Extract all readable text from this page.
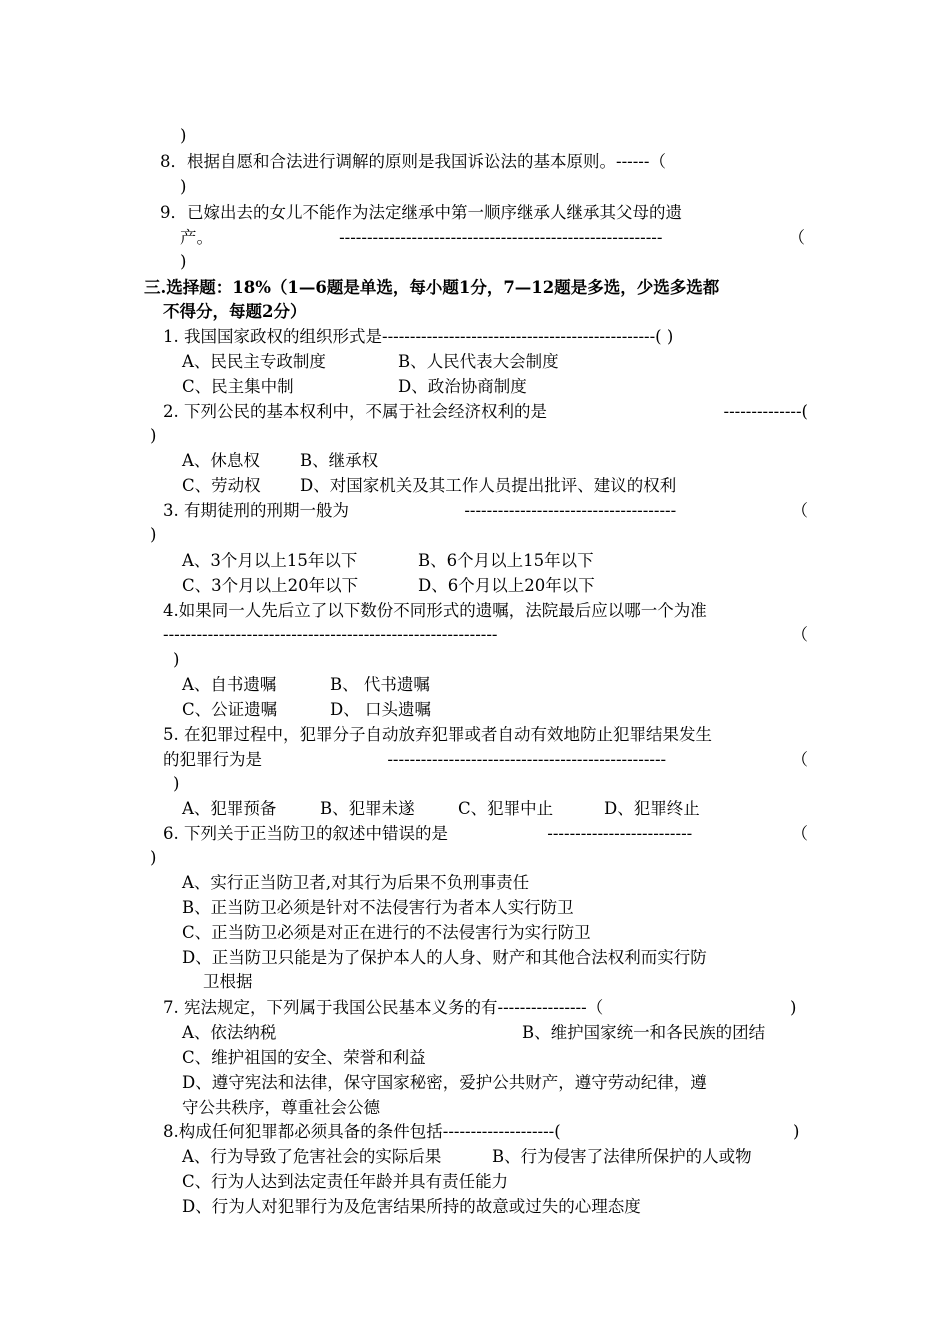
)
8．根据自愿和合法进行调解的原则是我国诉讼法的基本原则。------（
)
9．已嫁出去的女儿不能作为法定继承中第一顺序继承人继承其父母的遗
产。	----------------------------------------------------------	（
)
三.选择题：18%（1—6题是单选，每小题1分，7—12题是多选，少选多选都
不得分，每题2分）
1. 我国国家政权的组织形式是-------------------------------------------------( )
A、民民主专政制度	B、人民代表大会制度
C、民主集中制	D、政治协商制度
2. 下列公民的基本权利中，不属于社会经济权利的是	--------------(
)
A、休息权 B、继承权
C、劳动权 D、对国家机关及其工作人员提出批评、建议的权利
3. 有期徒刑的刑期一般为	--------------------------------------	（
)
A、3个月以上15年以下	B、6个月以上15年以下
C、3个月以上20年以下	D、6个月以上20年以下
4.如果同一人先后立了以下数份不同形式的遗嘱，法院最后应以哪一个为准
------------------------------------------------------------	（
)
A、自书遗嘱	B、 代书遗嘱
C、公证遗嘱	D、 口头遗嘱
5. 在犯罪过程中，犯罪分子自动放弃犯罪或者自动有效地防止犯罪结果发生
的犯罪行为是	--------------------------------------------------	（
)
A、犯罪预备	B、犯罪未遂	C、犯罪中止	D、犯罪终止
6. 下列关于正当防卫的叙述中错误的是	--------------------------	（
)
A、实行正当防卫者,对其行为后果不负刑事责任
B、正当防卫必须是针对不法侵害行为者本人实行防卫
C、正当防卫必须是对正在进行的不法侵害行为实行防卫
D、正当防卫只能是为了保护本人的人身、财产和其他合法权利而实行防
卫根据
7. 宪法规定，下列属于我国公民基本义务的有----------------（	)
A、依法纳税	B、维护国家统一和各民族的团结
C、维护祖国的安全、荣誉和利益
D、遵守宪法和法律，保守国家秘密，爱护公共财产，遵守劳动纪律，遵
守公共秩序，尊重社会公德
8.构成任何犯罪都必须具备的条件包括--------------------(	)
A、行为导致了危害社会的实际后果	B、行为侵害了法律所保护的人或物
C、行为人达到法定责任年龄并具有责任能力
D、行为人对犯罪行为及危害结果所持的故意或过失的心理态度
